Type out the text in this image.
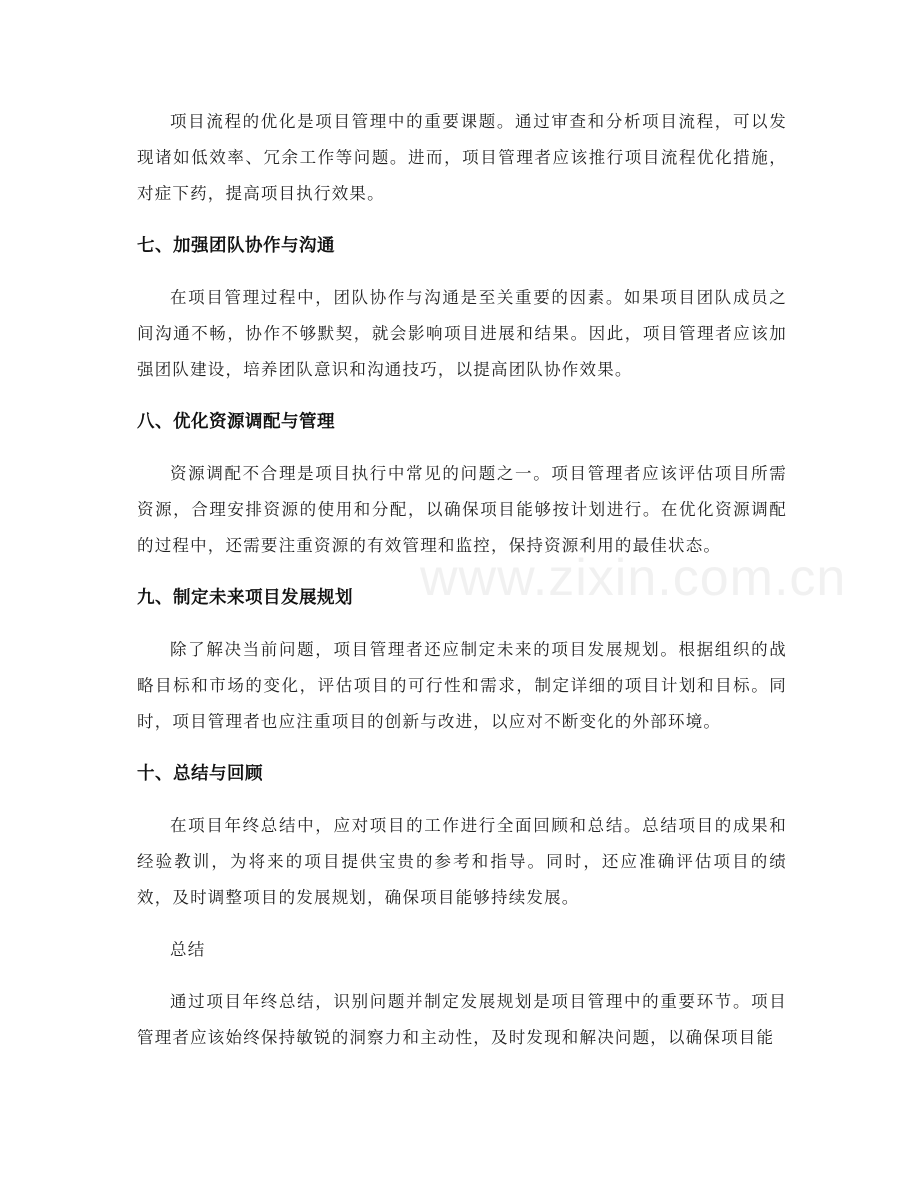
项目流程的优化是项目管理中的重要课题。通过审查和分析项目流程，可以发现诸如低效率、冗余工作等问题。进而，项目管理者应该推行项目流程优化措施，对症下药，提高项目执行效果。

七、加强团队协作与沟通

在项目管理过程中，团队协作与沟通是至关重要的因素。如果项目团队成员之间沟通不畅，协作不够默契，就会影响项目进展和结果。因此，项目管理者应该加强团队建设，培养团队意识和沟通技巧，以提高团队协作效果。

八、优化资源调配与管理

资源调配不合理是项目执行中常见的问题之一。项目管理者应该评估项目所需资源，合理安排资源的使用和分配，以确保项目能够按计划进行。在优化资源调配的过程中，还需要注重资源的有效管理和监控，保持资源利用的最佳状态。

九、制定未来项目发展规划

除了解决当前问题，项目管理者还应制定未来的项目发展规划。根据组织的战略目标和市场的变化，评估项目的可行性和需求，制定详细的项目计划和目标。同时，项目管理者也应注重项目的创新与改进，以应对不断变化的外部环境。

十、总结与回顾

在项目年终总结中，应对项目的工作进行全面回顾和总结。总结项目的成果和经验教训，为将来的项目提供宝贵的参考和指导。同时，还应准确评估项目的绩效，及时调整项目的发展规划，确保项目能够持续发展。

总结

通过项目年终总结，识别问题并制定发展规划是项目管理中的重要环节。项目管理者应该始终保持敏锐的洞察力和主动性，及时发现和解决问题，以确保项目能

www.zixin.com.cn
